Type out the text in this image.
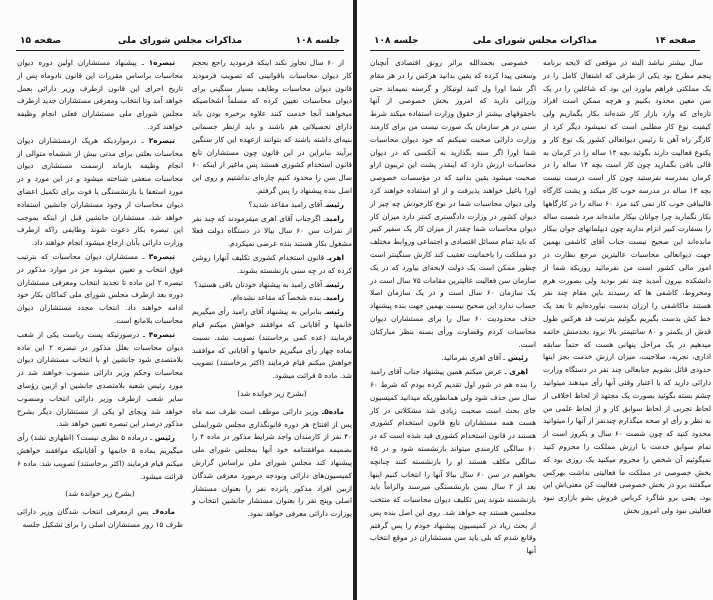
جلسه ۱۰۸
مذاکرات مجلس شورای ملی
صفحه ۱۵

از ۶۰ سال تجاوز نکند اینکه فرمودید راجع بحجم کار دیوان محاسبات باقوانینی که تصویب فرمودید قانون دیوان محاسبات وظایف بسیار سنگینی برای دیوان محاسبات تعیین کرده که مسلماً اشخاصیکه میخواهند آنجا خدمت کنند علاوه برخبره بودن باید دارای تحصیلاتی هم باشند و باید ازنظر جسمانی بنیه‌ای داشته باشند که بتوانند ازعهده این کار سنگین برآیند بنابراین در این قانون چون مستشاران تابع قانون استخدام کشوری هستند پس ماغیر از اینکه ۶۰ سال سن را محدود کنیم چاره‌ای نداشتیم و روی این اصل بنده پیشنهاد را پس گرفتم.

رئیسـ آقای رامبد مقاعد شدید؟

رامبدـ اگرجناب آقای اهری میفرمودند که چند نفر از نفرات سن ۶۰ سال ببالا در دستگاه دولت فعلا مشغول بکار هستند بنده عرضی نمیکردم.

اهریـ قانون استخدام کشوری تکلیف آنهارا روشن کرده که در چه سنی بازنشسته بشوند.

رئیسـ آقای رامبد به پیشنهاد خودتان باقی هستید؟

رامبدـ بنده شخصاً که مقاعد نشده‌ام.

رئیسـ بنابراین به پیشنهاد آقای رامبد رأی میگیریم خانمها و آقایانی که موافقند خواهش میکنم قیام فرمایند (عده کمی برخاستند) تصویب نشد. نسبت بماده چهار رأی میگیریم خانمها و آقایانی که موافقند خواهش میکنم قیام فرمایند (اکثر برخاستند) تصویب شد. ماده ۵ قرائت میشود.

(بشرح زیر خوانده شد)

ماده۵ـ وزیر دارائی موظف است ظرف سه ماه پس از افتتاح هر دوره قانونگذاری مجلس شورایملی ۴۰ نفر از کارمندان واجد شرایط مذکور در ماده ۴ را بضمیمه موافقتنامه خود آنها بمجلس شورای ملی پیشنهاد کند مجلس شورای ملی براساس گزارش کمیسیون‌های دارائی وبودجه درمورد معرفی شدگان ازبین افراد مذکور پانزده نفر را بعنوان مستشار اصلی وپنج نفر را بعنوان مستشار جانشین انتخاب و بوزارت دارائی معرفی خواهد نمود.

تبصره۱ ـ پیشنهاد مستشاران اولین دوره دیوان محاسبات براساس مقررات این قانون تادوماه پس از تاریخ اجرای این قانون ازطرف وزیر دارائی بعمل خواهد آمد وتا انتخاب ومعرفی مستشاران جدید ازطرف مجلس شورای ملی مستشاران فعلی انجام وظیفه خواهند کرد.

تبصره۲ ـ درمواردیکه هریک ازمستشاران دیوان محاسبات بعلتی برای مدتی بیش از ششماه متوالی از انجام وظیفه بازماند ازسمت مستشاری دیوان محاسبات منعفی شناخته میشود و در این مورد و در مورد استعفا یا بازنشستگی یا فوت برای تکمیل اعضای دیوان محاسبات از وجود مستشاران جانشین استفاده خواهد شد. مستشاران جانشین قبل از اینکه بموجب این تبصره بکار دعوت شوند وظایفی راکه ازطرف وزارت دارائی بآنان ارجاع میشود انجام خواهند داد.

تبصره۳ ـ مستشاران دیوان محاسبات که بترتیب فوق انتخاب و تعیین میشوند جز در موارد مذکور در تبصره ۲ این ماده تا تجدید انتخاب ومعرفی مستشاران دوره بعد ازطرف مجلس شورای ملی کماکان بکار خود ادامه خواهند داد. انتخاب مجدد مستشاران دیوان محاسبات بلامانع است.

تبصره۴ ـ درصورتیکه پست ریاست یکی از شعب دیوان محاسبات بعلل مذکور در تبصره ۲ این ماده بلامتصدی شود جانشین او با انتخاب مستشاران دیوان محاسبات وحکم وزیر دارائی منصوب خواهند شد در مورد رئیس شعبه بلامتصدی جانشین او ازبین رؤسای سایر شعب ازطرف وزیر دارائی انتخاب ومنصوب خواهد شد وبجای او یکی از مستشاران دیگر بشرح مذکور درصدر این تبصره تعیین خواهد شد.

رئیس ـ درماده ۵ نظری نیست؟ (اظهاری نشد) رأی میگیریم بماده ۵ خانمها و آقایانیکه موافقند خواهش میکنم قیام فرمایند (اکثر برخاستند) تصویب شد. ماده ۶ قرائت میشود.

(بشرح زیر خوانده شد)

ماده۶ـ پس ازمعرفی انتخاب شدگان وزیر دارائی ظرف ۱۵ روز مستشاران اصلی را برای تشکیل جلسه

صفحه ۱۴
مذاکرات مجلس شورای ملی
جلسه ۱۰۸

سال بیشتر نباشد البته در موقعی که لایحه برنامه پنجم مطرح بود یکی از طرقی که اشتغال کامل را در یک مملکتی فراهم بیاورد این بود که شاغلین را در یک سن معین محدود بکنیم و هرچه ممکن است افراد تازه‌ای که وارد بازار کار شده‌اند بکار بگماریم ولی کیفیت نوع کار مطلبی است که نمیشود دیگر کرد از کارگر راه آهن تا رئیس دیوانعالی کشور یک نوع کار و یکنوع فعالیت دارند بگوئید بچه ۱۴ ساله را در کرمان به قالی بافی بگمارید چون کار است بچه ۱۴ ساله را در کرمان بمدرسه نفرستید چون کار است درست نیست بچه ۱۴ ساله در مدرسه خوب کار میکند و پشت کارگاه قالیبافی خوب کار نمی کند مرد ۶۰ ساله را در کارگاهها بکار نگمارید چرا جوانان بیکار مانده‌اند مرد شصت ساله را بسفارت کبیر انزام ندارید چون دیپلماتهای جوان بیکار مانده‌اند این صحیح نیست جناب آقای کاشفی بهمین جهت دیوانعالی محاسبات عالیترین مرجع نظارت در امور مالی کشور است من نفرمائید روزیکه شما از دانشکده بیرون آمدید چند نفر بودید ولی بصورت هرم ومخروط، کاشفی ها که رسیدند باین مقام چند نفر هستند ماکاشفی را ارزان بدست نیاورده‌ایم تا بعد یک خط کش بدست بگیریم بگوئیم بترتیب قد هرکس طول قدش از یکمتر و ۸۰ سانتیمتر بالا برود بخدمتش خاتمه میدهیم در یک مراحل پنهانی هست که حتماً سابقه اداری، تجربه، صلاحیت، میزان ارزش خدمت بجز اینها حدودی قائل نشویم جنابعالی چند نفر در دستگاه وزارت دارائی دارید که با اعتبار وقتی آنها رأی میدهند میتوانید چشم بسته بگوئید بصورت یک مجتهد از لحاظ اخلاقی از لحاظ تجربی از لحاظ سوابق کار و از لحاظ علمی من به نظر و رأی او صحه میگذارم چندنفر از آنها را میتوانید محدود کنید که چون شصت ۶۰ سال و یکروز است از تمام سوابق خدمت با ارزش مملکت را محروم کنید نمیگوئیم آن شخص را محروم میکنید یک روزی بود که بخش خصوصی در مملکت ما فعالیتی نداشت بهرکس میگفتند برو در بخش خصوصی فعالیت کن معنی‌اش این بود، یعنی برو شاگرد کرباس فروش بشو بازاری نبود فعالیتی نبود ولی امروز بخش

خصوصی بحمدالله براثر رونق اقتصادی آنچنان وسعتی پیدا کرده که یقین بدانید هرکس را در هر مقام اگر شما اورا ول کنید لوتیکار و گرسنه نمیماند حتی وزرائی دارید که امروز بخش خصوصی از آنها باحقوقهای بیشتر از حقوق وزارت استفاده میکند شرط سنی در هر سازمان یک صورت نیست من برای کارمند وزارت دارائی صحبت نمیکنم که خود دیوان محاسبات شما اورا اگر سنه بگذارید نه آنکسی که در دیوان محاسبات ارزش دارد که اینقدر پشت این تریبون ازاو صحبت میشود یقین بدانید که در مؤسسات خصوصی اورا باغیل خواهند پذیرفت و از او استفاده خواهند کرد ولی دیوان محاسبات شما در نوع کارخودش چه چیز از دیوان کشور در وزارت دادگستری کمتر دارد میزان کار دیوان محاسبات شما چقدر از میزان کار یک سفیر کبیر که باید تمام مسائل اقتصادی و اجتماعی وروابط مختلف دو مملکت را باخماتیت تعقیب کند کارش سنگینتر است چطور ممکن است یک دولت لایحه‌ای بیاورد که در یک سازمان سن فعالیت عالیترین مقامات ۷۵ سال است در یک سازمان ۶۰ سال است و در یک سازمان اصلا حساب ندارد این صحیح نیست بهمین جهت بنده پیشنهاد حذف محدودیت ۶۰ سال را برای مستشاران دیوان محاسبات کردم وقضاوت ورأی بسته بنظر مبارکتان است.

رئیس ـ آقای اهری بفرمائید.

اهری ـ عرض میکنم همین پیشنهاد جناب آقای رامبد را بنده هم در شور اول تقدیم کرده بودم که شرط ۶۰ سال سن حذف شود ولی همانطوریکه میدانید کمیسیون جای بحث است صحبت زیادی شد مشکلاتی در کار هست همه مستشاران تابع قانون استخدام کشوری هستند در قانون استخدام کشوری قید شده است که در ۶۰ سالگی کارمندی میتواند بازنشسته شود و در ۶۵ سالگی مکلف هستند او را بازنشسته کنند چنانچه بخواهیم در سن ۶۰ سال ببالا آنها را انتخاب کنیم اینها بعد از ۲ سال بسن بازنشستگی میرسند والزاماً باید بازنشسته شوند پس تکلیف دیوان محاسبات که منتخب مجلسین هستند چه خواهد شد. روی این اصل بنده پس از بحث زیاد در کمیسیون پیشنهاد خودم را پس گرفتم وقانع شدم که بلی باید سن مستشاران در موقع انتخاب آنها
